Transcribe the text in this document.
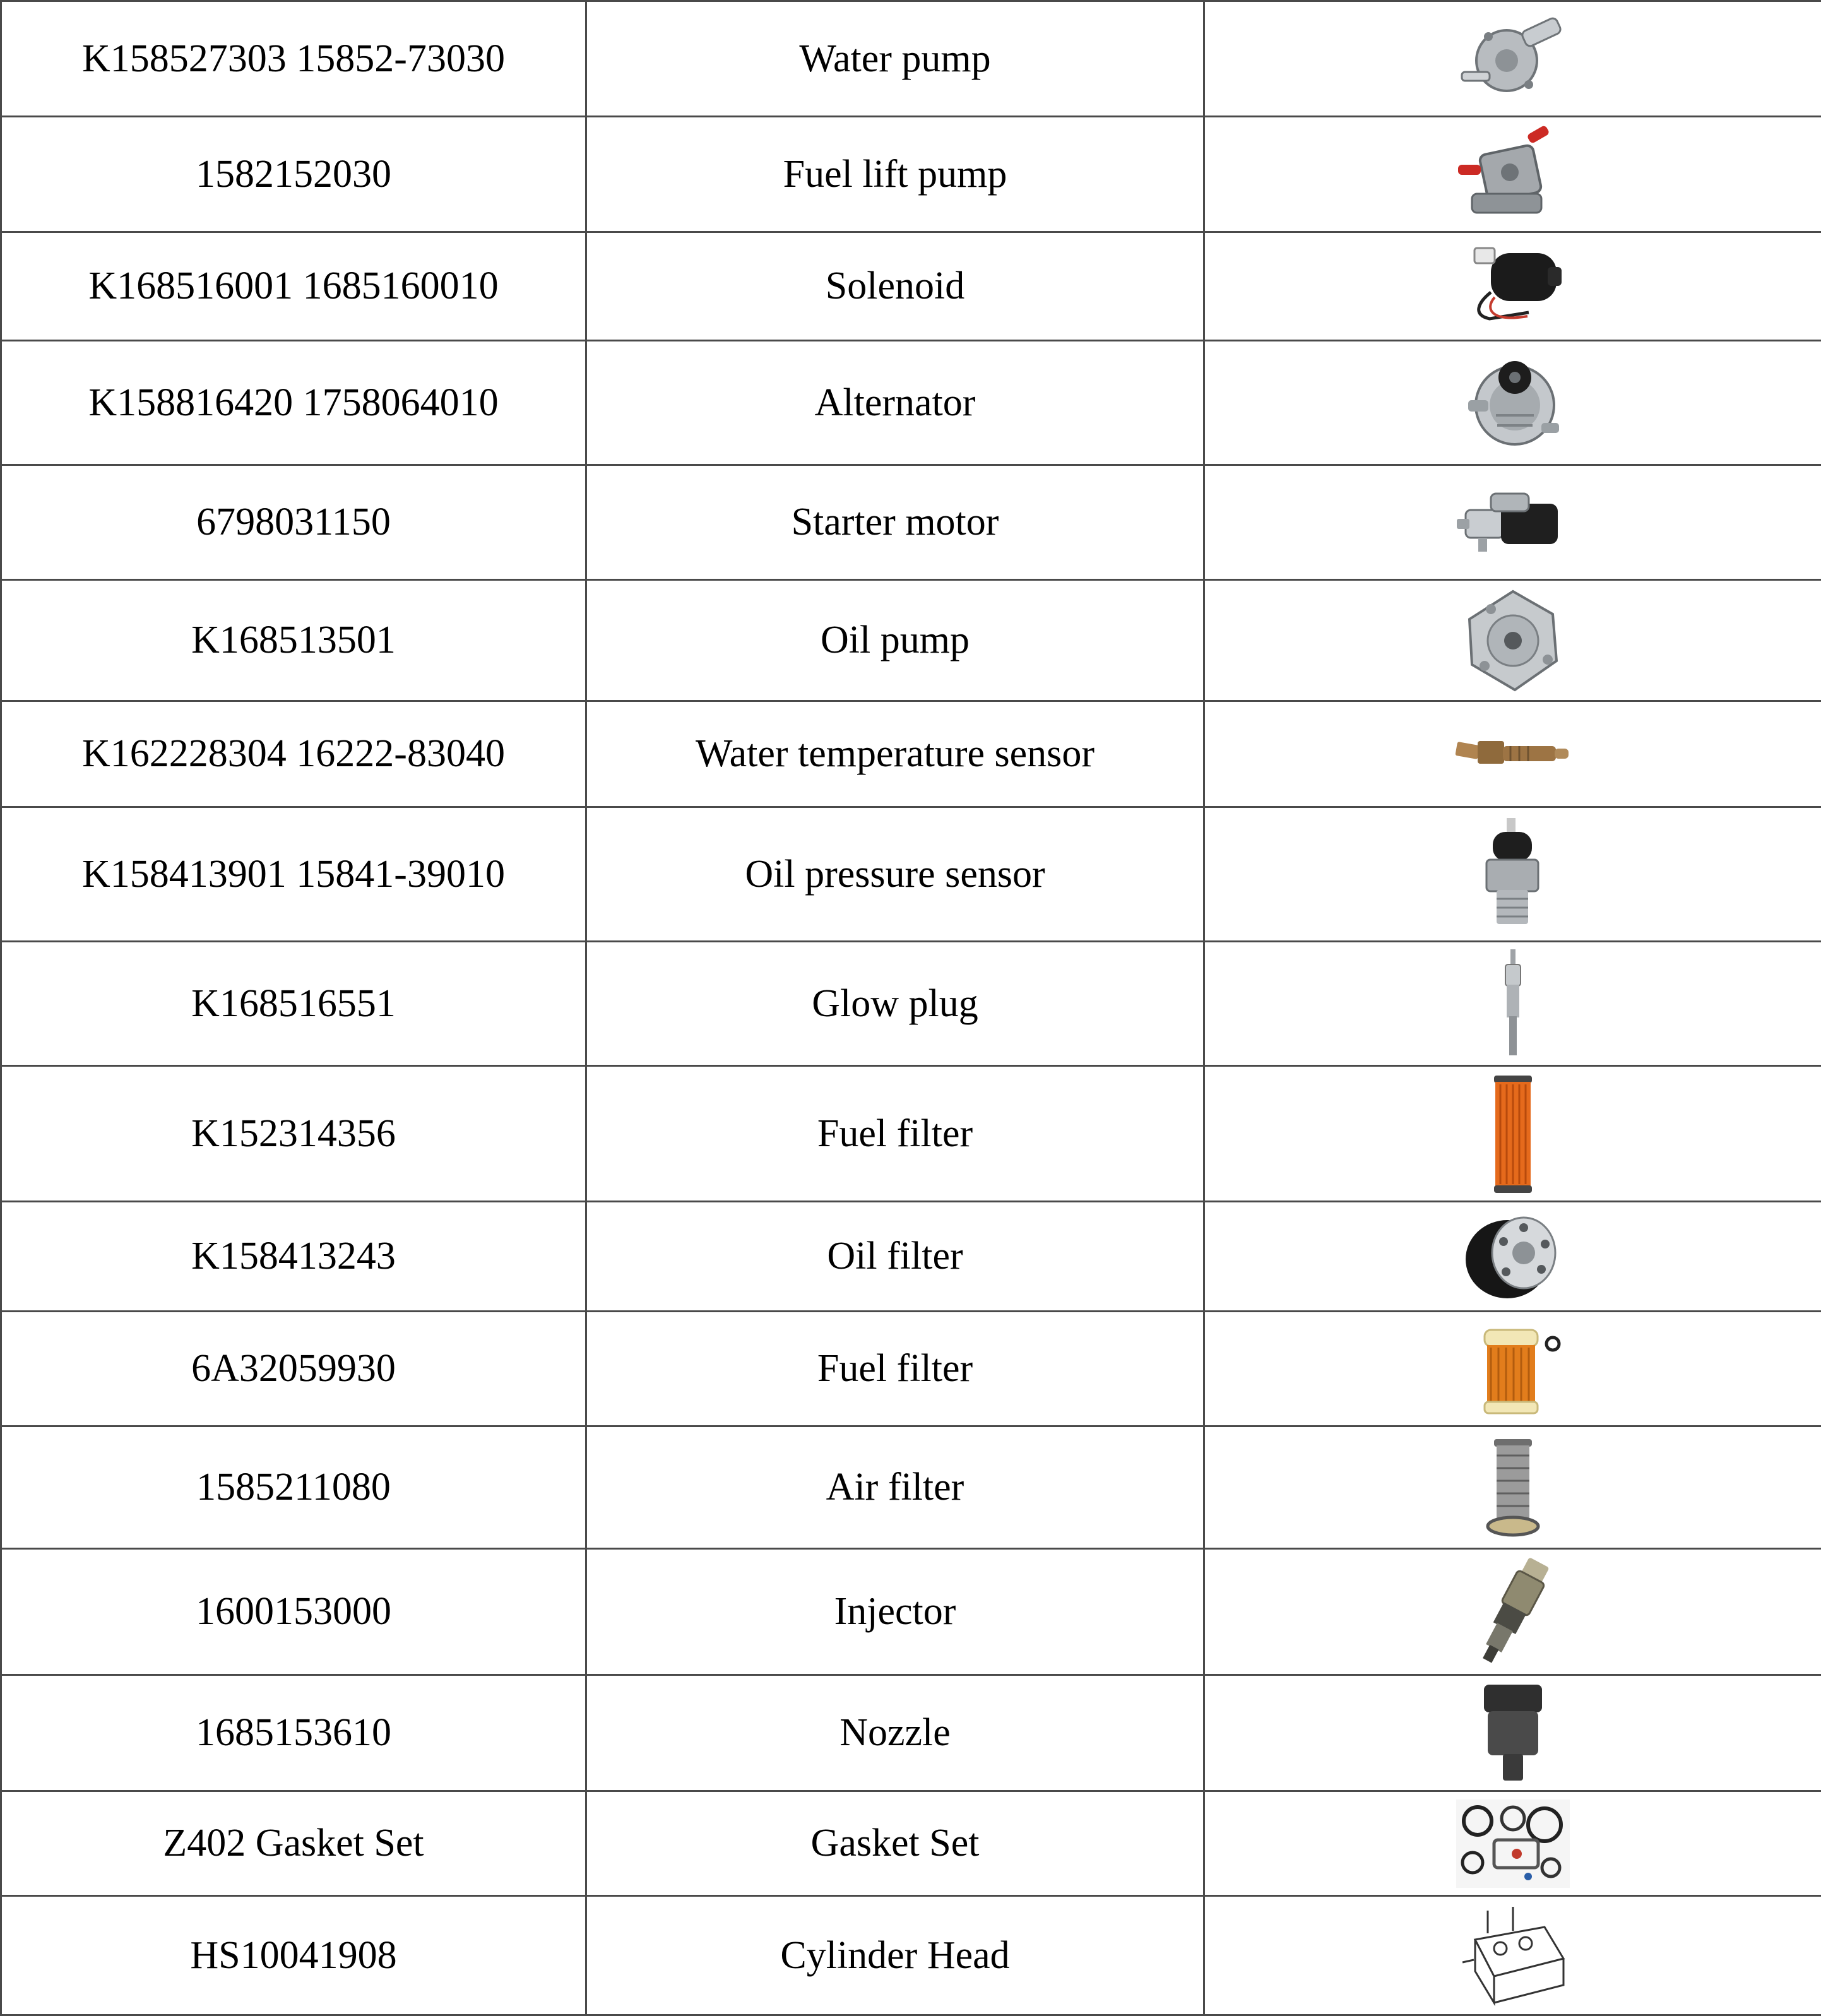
K158527303 15852-73030	Water pump	

1582152030	Fuel lift pump	

K168516001 1685160010	Solenoid	

K158816420 1758064010	Alternator	

6798031150	Starter motor	

K168513501	Oil pump	

K162228304 16222-83040	Water temperature sensor	

K158413901 15841-39010	Oil pressure sensor	

K168516551	Glow plug	

K152314356	Fuel filter	

K158413243	Oil filter	

6A32059930	Fuel filter	

1585211080	Air filter	

1600153000	Injector	

1685153610	Nozzle	

Z402 Gasket Set	Gasket Set	

HS10041908	Cylinder Head	
